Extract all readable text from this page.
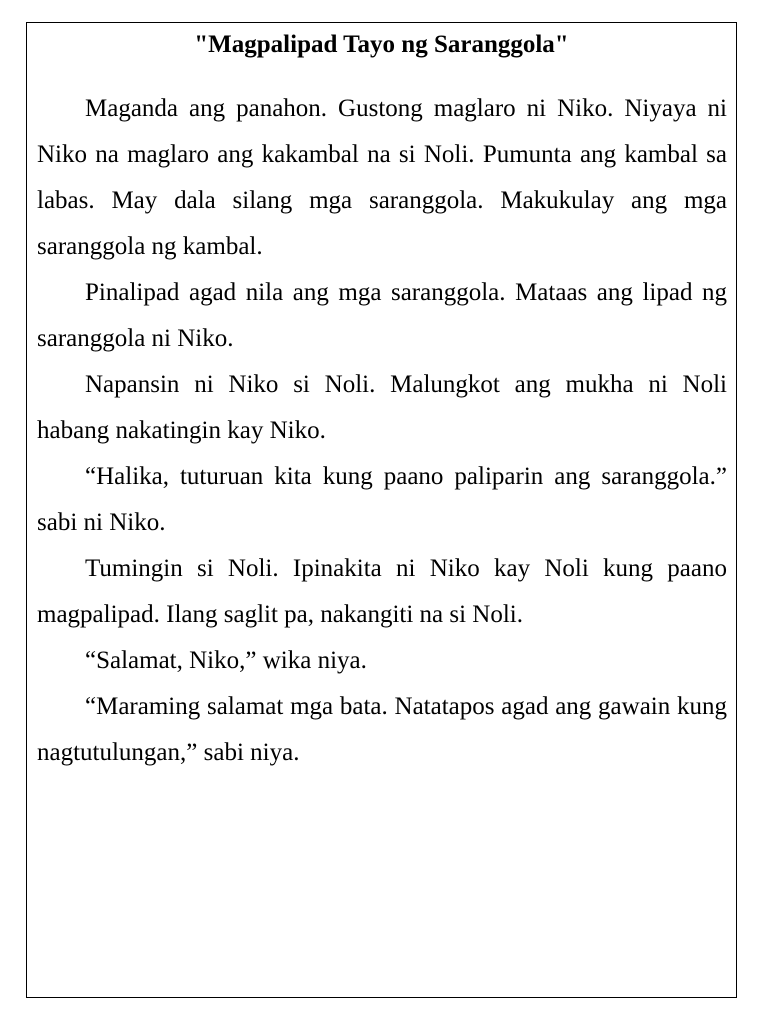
"Magpalipad Tayo ng Saranggola"

Maganda ang panahon. Gustong maglaro ni Niko. Niyaya ni Niko na maglaro ang kakambal na si Noli. Pumunta ang kambal sa labas. May dala silang mga saranggola. Makukulay ang mga saranggola ng kambal.

Pinalipad agad nila ang mga saranggola. Mataas ang lipad ng saranggola ni Niko.

Napansin ni Niko si Noli. Malungkot ang mukha ni Noli habang nakatingin kay Niko.

“Halika, tuturuan kita kung paano paliparin ang saranggola.” sabi ni Niko.

Tumingin si Noli. Ipinakita ni Niko kay Noli kung paano magpalipad. Ilang saglit pa, nakangiti na si Noli.

“Salamat, Niko,” wika niya.

“Maraming salamat mga bata. Natatapos agad ang gawain kung nagtutulungan,” sabi niya.
